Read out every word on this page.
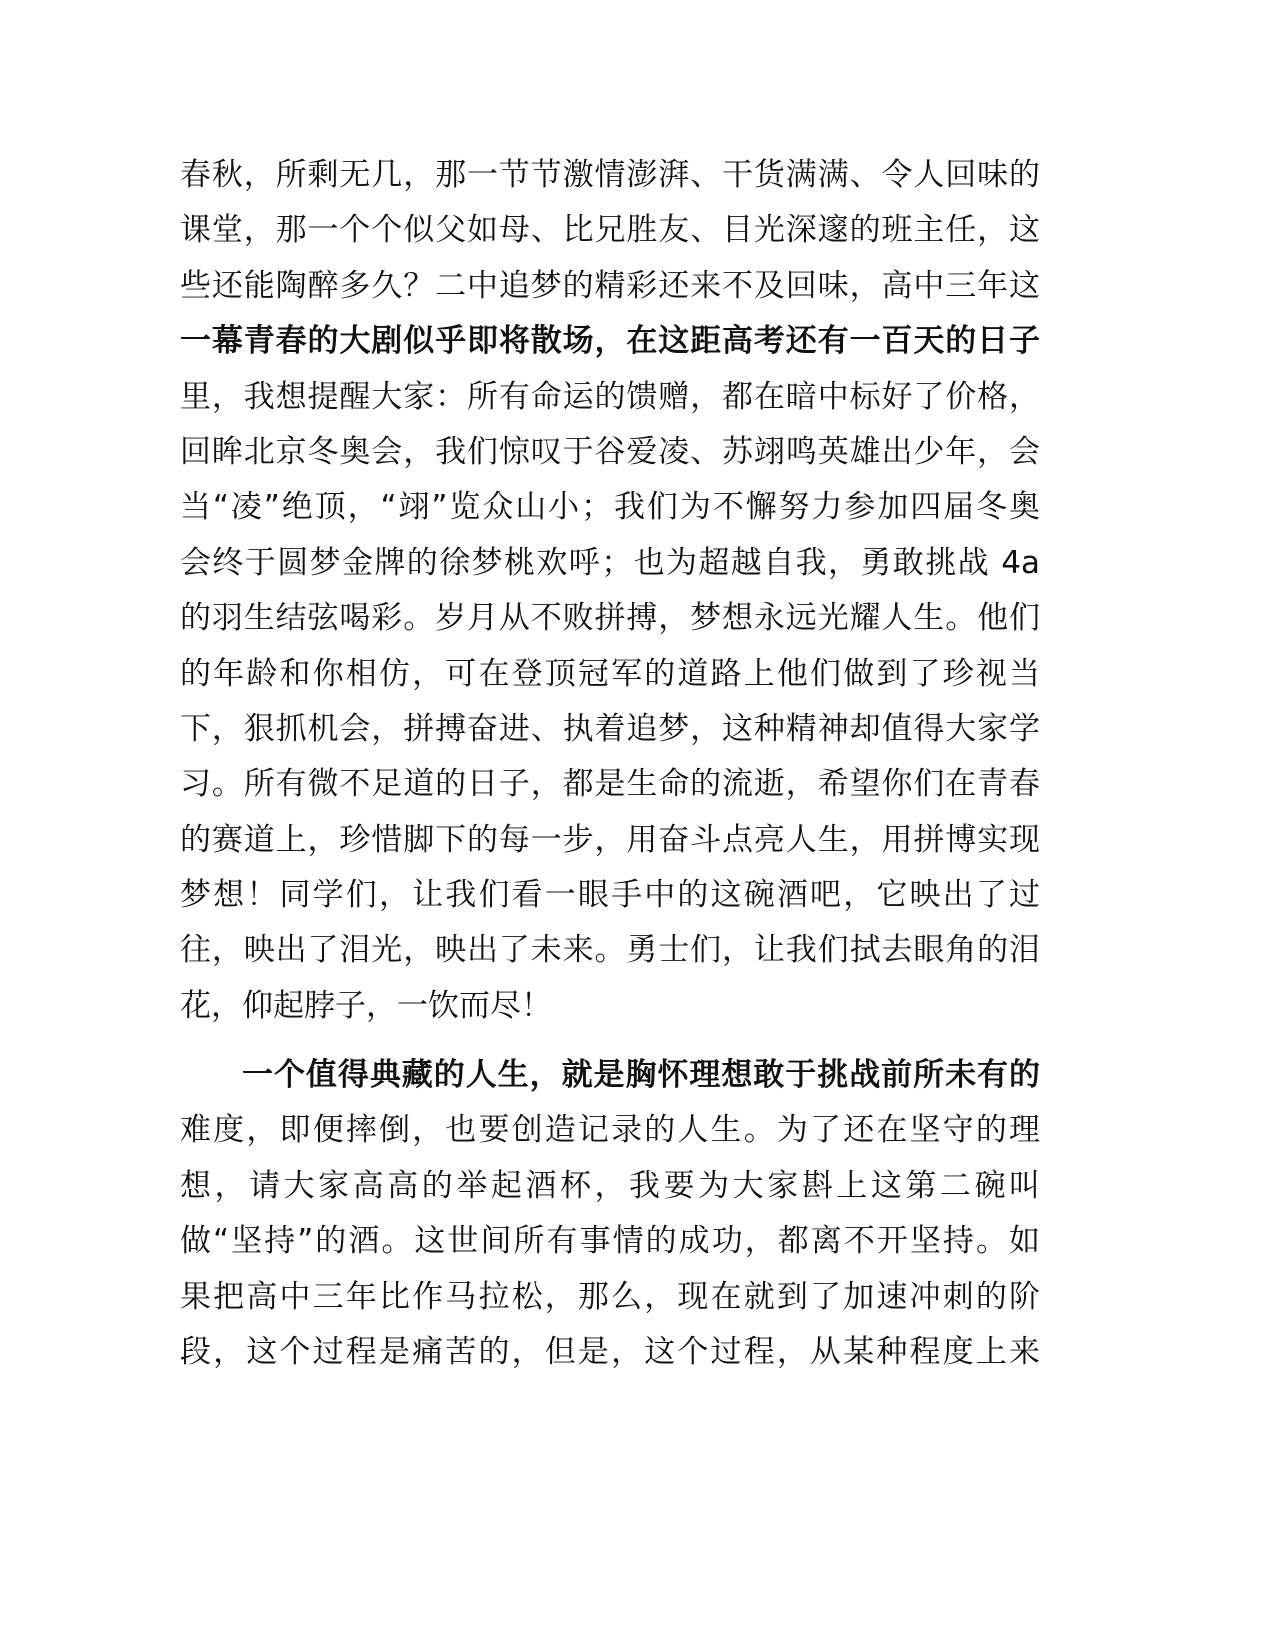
春秋，所剩无几，那一节节激情澎湃、干货满满、令人回味的
课堂，那一个个似父如母、比兄胜友、目光深邃的班主任，这
些还能陶醉多久？二中追梦的精彩还来不及回味，高中三年这
一幕青春的大剧似乎即将散场，在这距高考还有一百天的日子
里，我想提醒大家：所有命运的馈赠，都在暗中标好了价格，
回眸北京冬奥会，我们惊叹于谷爱凌、苏翊鸣英雄出少年，会
当“凌”绝顶，“翊”览众山小；我们为不懈努力参加四届冬奥
会终于圆梦金牌的徐梦桃欢呼；也为超越自我，勇敢挑战 4a
的羽生结弦喝彩。岁月从不败拼搏，梦想永远光耀人生。他们
的年龄和你相仿，可在登顶冠军的道路上他们做到了珍视当
下，狠抓机会，拼搏奋进、执着追梦，这种精神却值得大家学
习。所有微不足道的日子，都是生命的流逝，希望你们在青春
的赛道上，珍惜脚下的每一步，用奋斗点亮人生，用拼博实现
梦想！同学们，让我们看一眼手中的这碗酒吧，它映出了过
往，映出了泪光，映出了未来。勇士们，让我们拭去眼角的泪
花，仰起脖子，一饮而尽！
一个值得典藏的人生，就是胸怀理想敢于挑战前所未有的
难度，即便摔倒，也要创造记录的人生。为了还在坚守的理
想，请大家高高的举起酒杯，我要为大家斟上这第二碗叫
做“坚持”的酒。这世间所有事情的成功，都离不开坚持。如
果把高中三年比作马拉松，那么，现在就到了加速冲刺的阶
段，这个过程是痛苦的，但是，这个过程，从某种程度上来
